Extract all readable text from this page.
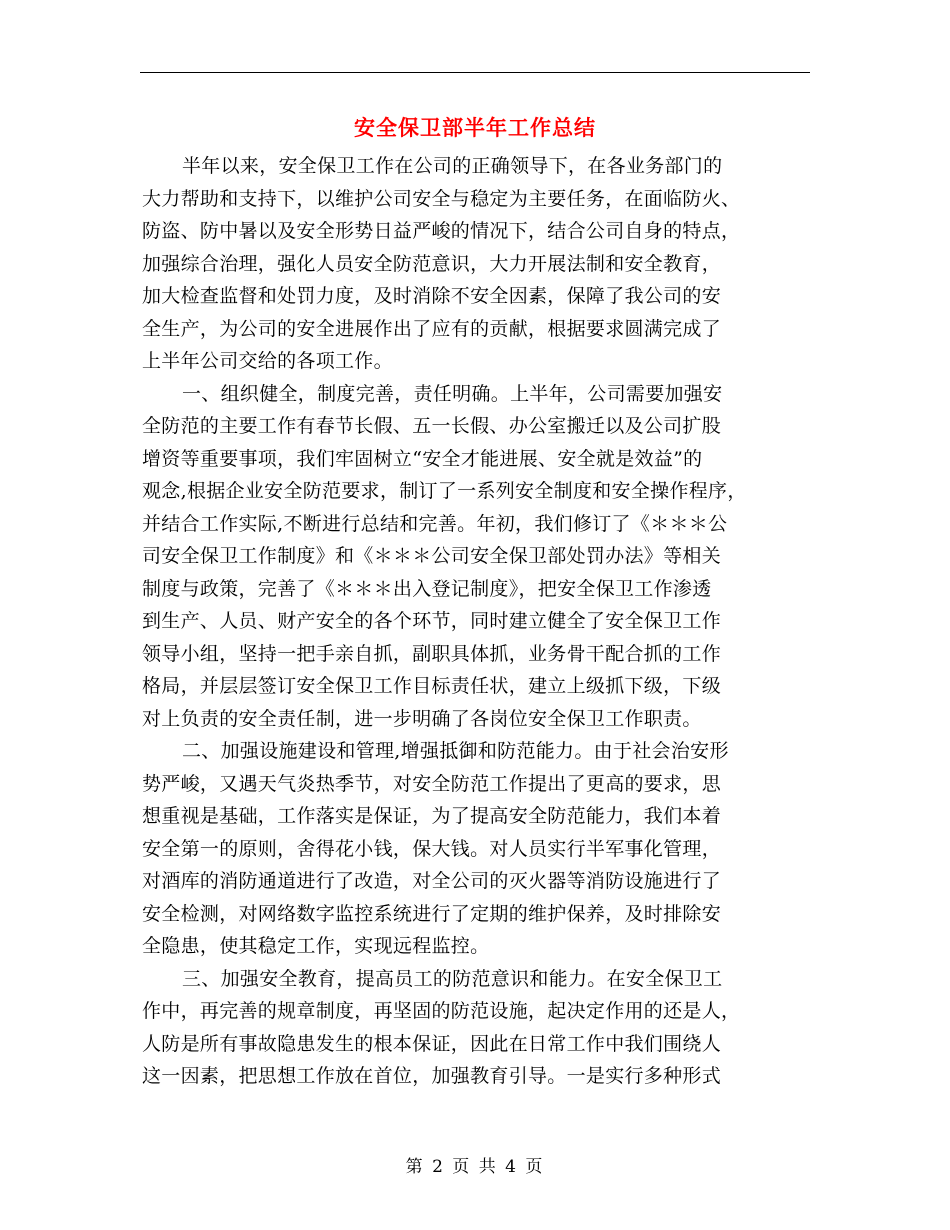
安全保卫部半年工作总结
半年以来，安全保卫工作在公司的正确领导下，在各业务部门的
大力帮助和支持下，以维护公司安全与稳定为主要任务，在面临防火、
防盗、防中暑以及安全形势日益严峻的情况下，结合公司自身的特点，
加强综合治理，强化人员安全防范意识，大力开展法制和安全教育，
加大检查监督和处罚力度，及时消除不安全因素，保障了我公司的安
全生产，为公司的安全进展作出了应有的贡献，根据要求圆满完成了
上半年公司交给的各项工作。
一、组织健全，制度完善，责任明确。上半年，公司需要加强安
全防范的主要工作有春节长假、五一长假、办公室搬迁以及公司扩股
增资等重要事项，我们牢固树立“安全才能进展、安全就是效益”的
观念,根据企业安全防范要求，制订了一系列安全制度和安全操作程序，
并结合工作实际,不断进行总结和完善。年初，我们修订了《＊＊＊公
司安全保卫工作制度》和《＊＊＊公司安全保卫部处罚办法》等相关
制度与政策，完善了《＊＊＊出入登记制度》，把安全保卫工作渗透
到生产、人员、财产安全的各个环节，同时建立健全了安全保卫工作
领导小组，坚持一把手亲自抓，副职具体抓，业务骨干配合抓的工作
格局，并层层签订安全保卫工作目标责任状，建立上级抓下级，下级
对上负责的安全责任制，进一步明确了各岗位安全保卫工作职责。
二、加强设施建设和管理,增强抵御和防范能力。由于社会治安形
势严峻，又遇天气炎热季节，对安全防范工作提出了更高的要求，思
想重视是基础，工作落实是保证，为了提高安全防范能力，我们本着
安全第一的原则，舍得花小钱，保大钱。对人员实行半军事化管理，
对酒库的消防通道进行了改造，对全公司的灭火器等消防设施进行了
安全检测，对网络数字监控系统进行了定期的维护保养，及时排除安
全隐患，使其稳定工作，实现远程监控。
三、加强安全教育，提高员工的防范意识和能力。在安全保卫工
作中，再完善的规章制度，再坚固的防范设施，起决定作用的还是人，
人防是所有事故隐患发生的根本保证，因此在日常工作中我们围绕人
这一因素，把思想工作放在首位，加强教育引导。一是实行多种形式
第 2 页 共 4 页
